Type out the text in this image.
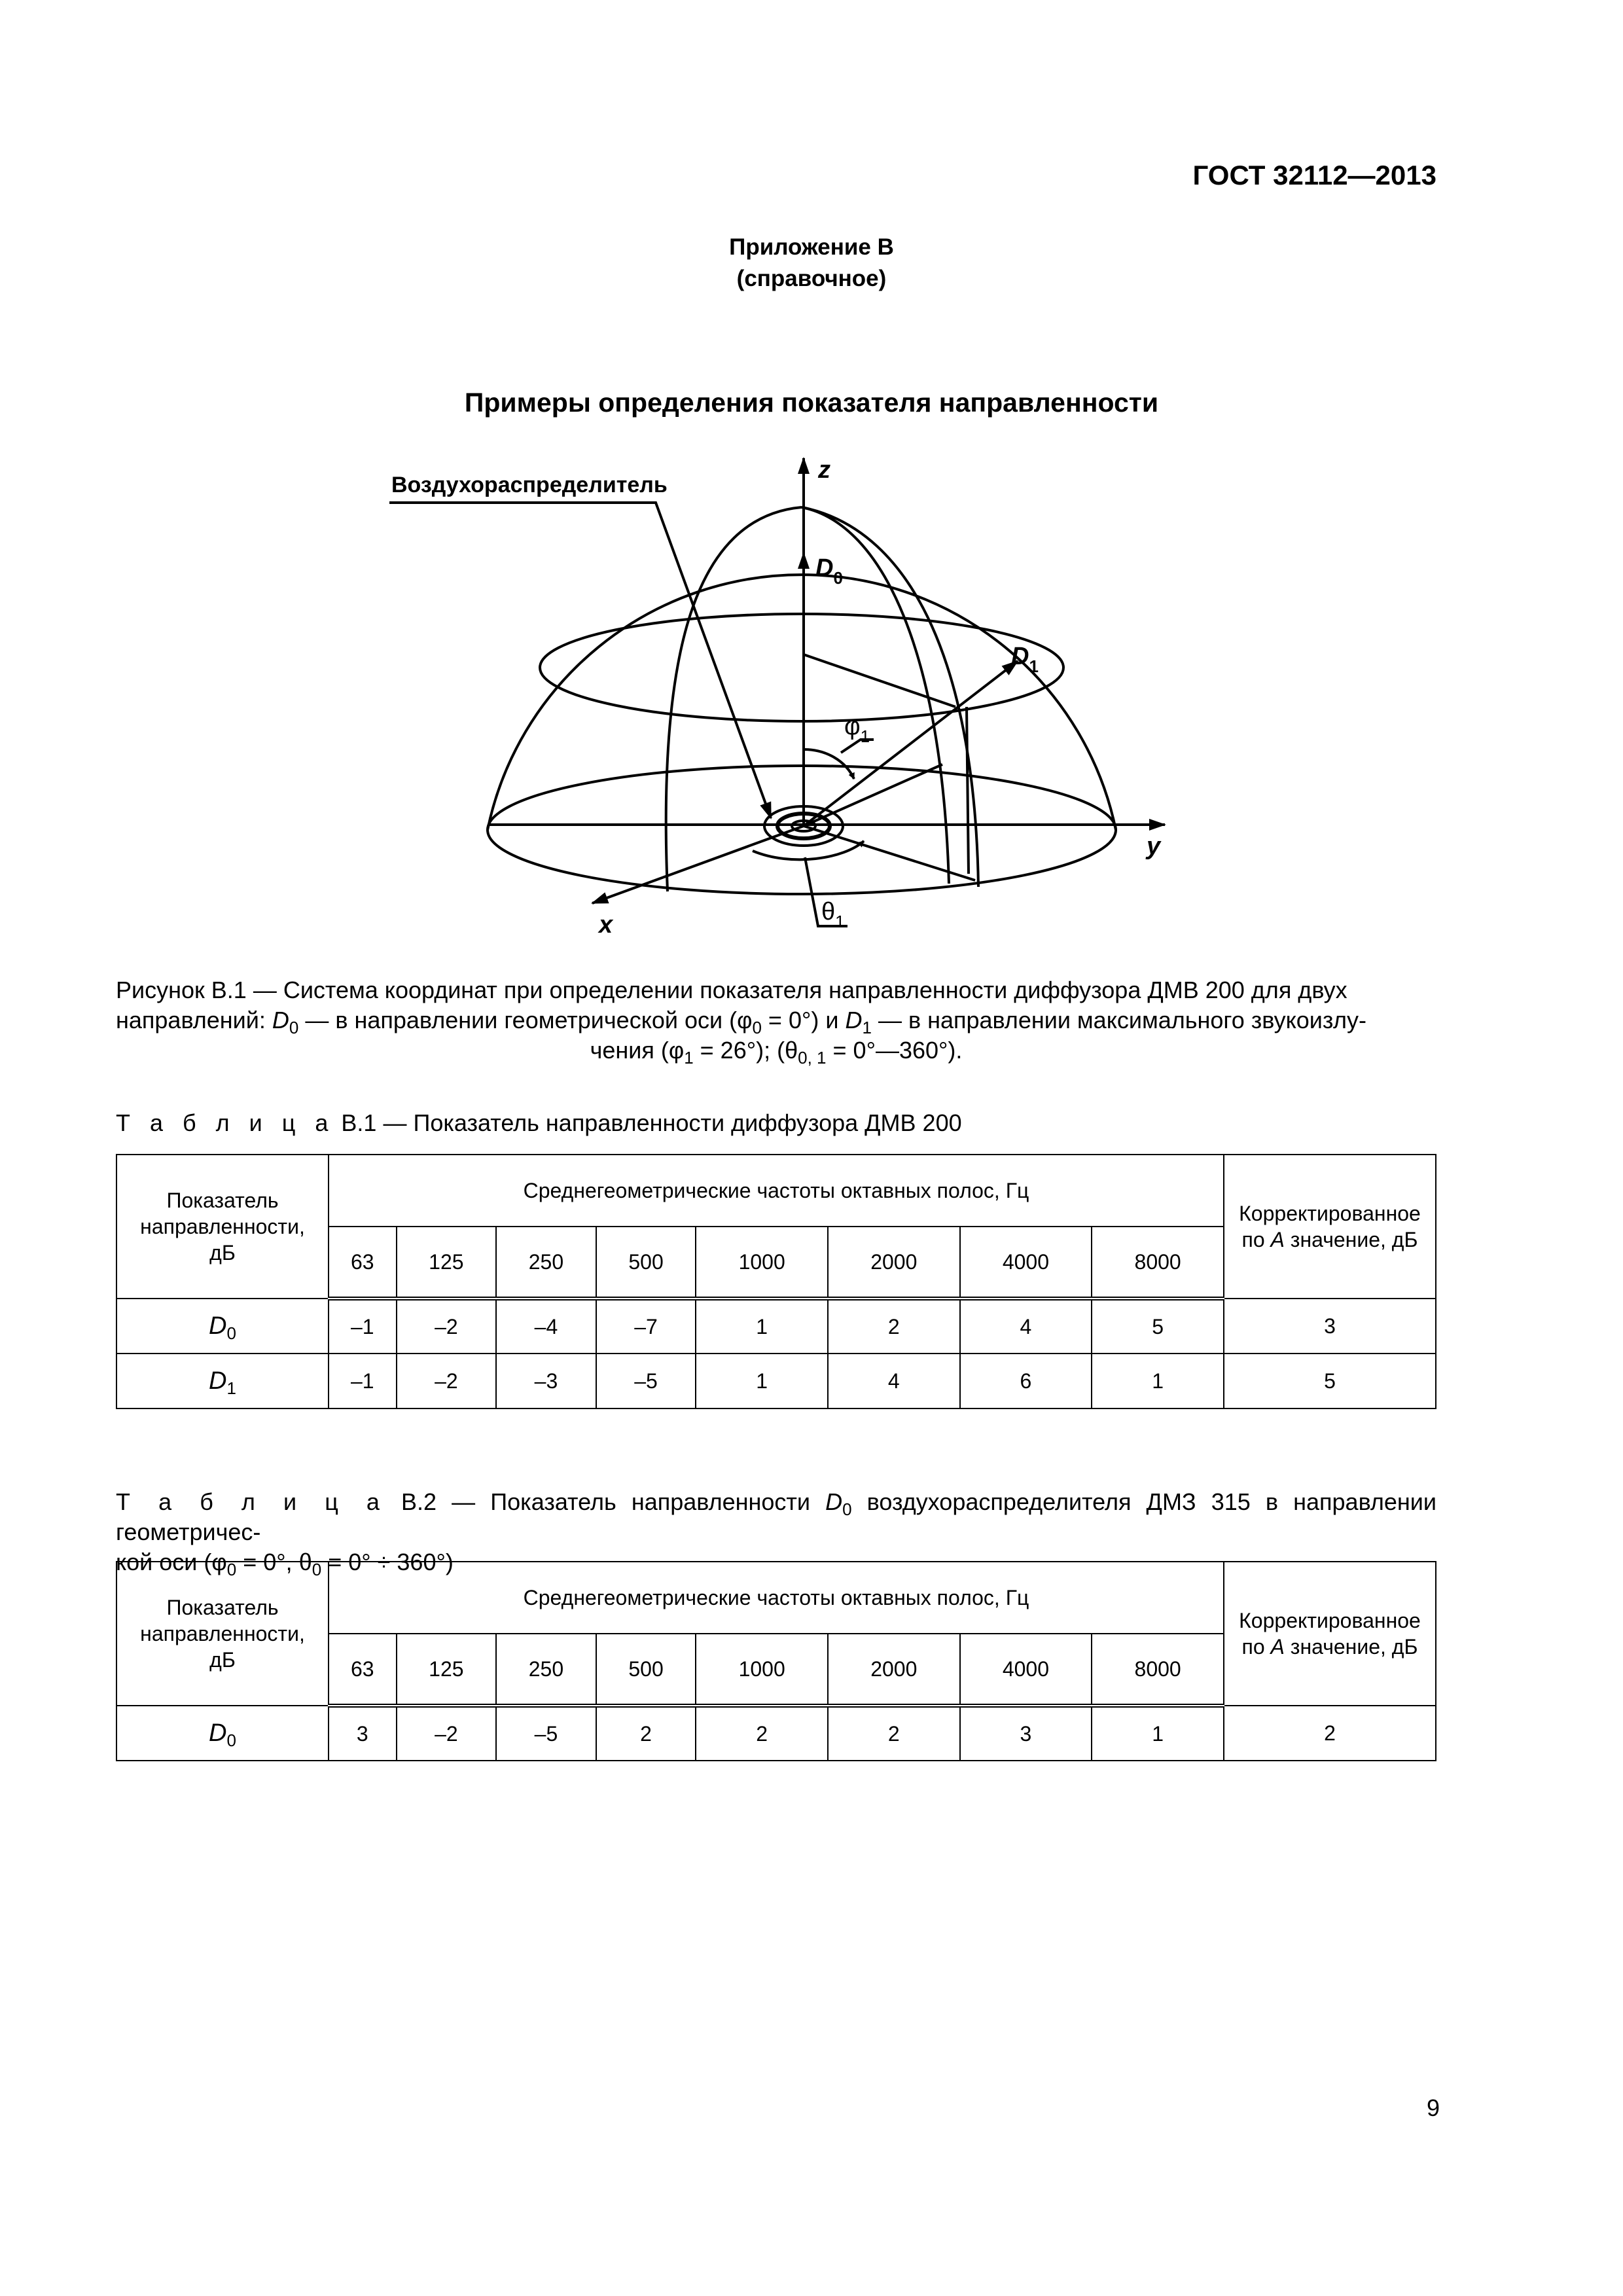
ГОСТ 32112—2013
Приложение В
(справочное)
Примеры определения показателя направленности
Воздухораспределитель
z
y
x
$D_0$
$D_1$
$\varphi_1$
$\theta_1$
Рисунок В.1 — Система координат при определении показателя направленности диффузора ДМВ 200 для двух
направлений: $D_0$ — в направлении геометрической оси $(\varphi_0 = 0^\circ)$ и $D_1$ — в направлении максимального звукоизлу-
чения $(\varphi_1 = 26^\circ)$; ($\theta_{0, 1}$ = 0°—360°).
Т а б л и ц а В.1 — Показатель направленности диффузора ДМВ 200
Показатель направленности, дБ	Среднегеометрические частоты октавных полос, Гц								Корректированное по A значение, дБ

	63	125	250	500	1000	2000	4000	8000	
$D_0$	–1	–2	–4	–7	1	2	4	5	3
$D_1$	–1	–2	–3	–5	1	4	6	1	5
Т а б л и ц а В.2 — Показатель направленности $D_0$ воздухораспределителя ДМЗ 315 в направлении геометричес-
кой оси ($\varphi_0 = 0^\circ$, $\theta_0 = 0^\circ \div 360^\circ$)
Показатель направленности, дБ	Среднегеометрические частоты октавных полос, Гц								Корректированное по A значение, дБ

	63	125	250	500	1000	2000	4000	8000	
$D_0$	3	–2	–5	2	2	2	3	1	2
9
